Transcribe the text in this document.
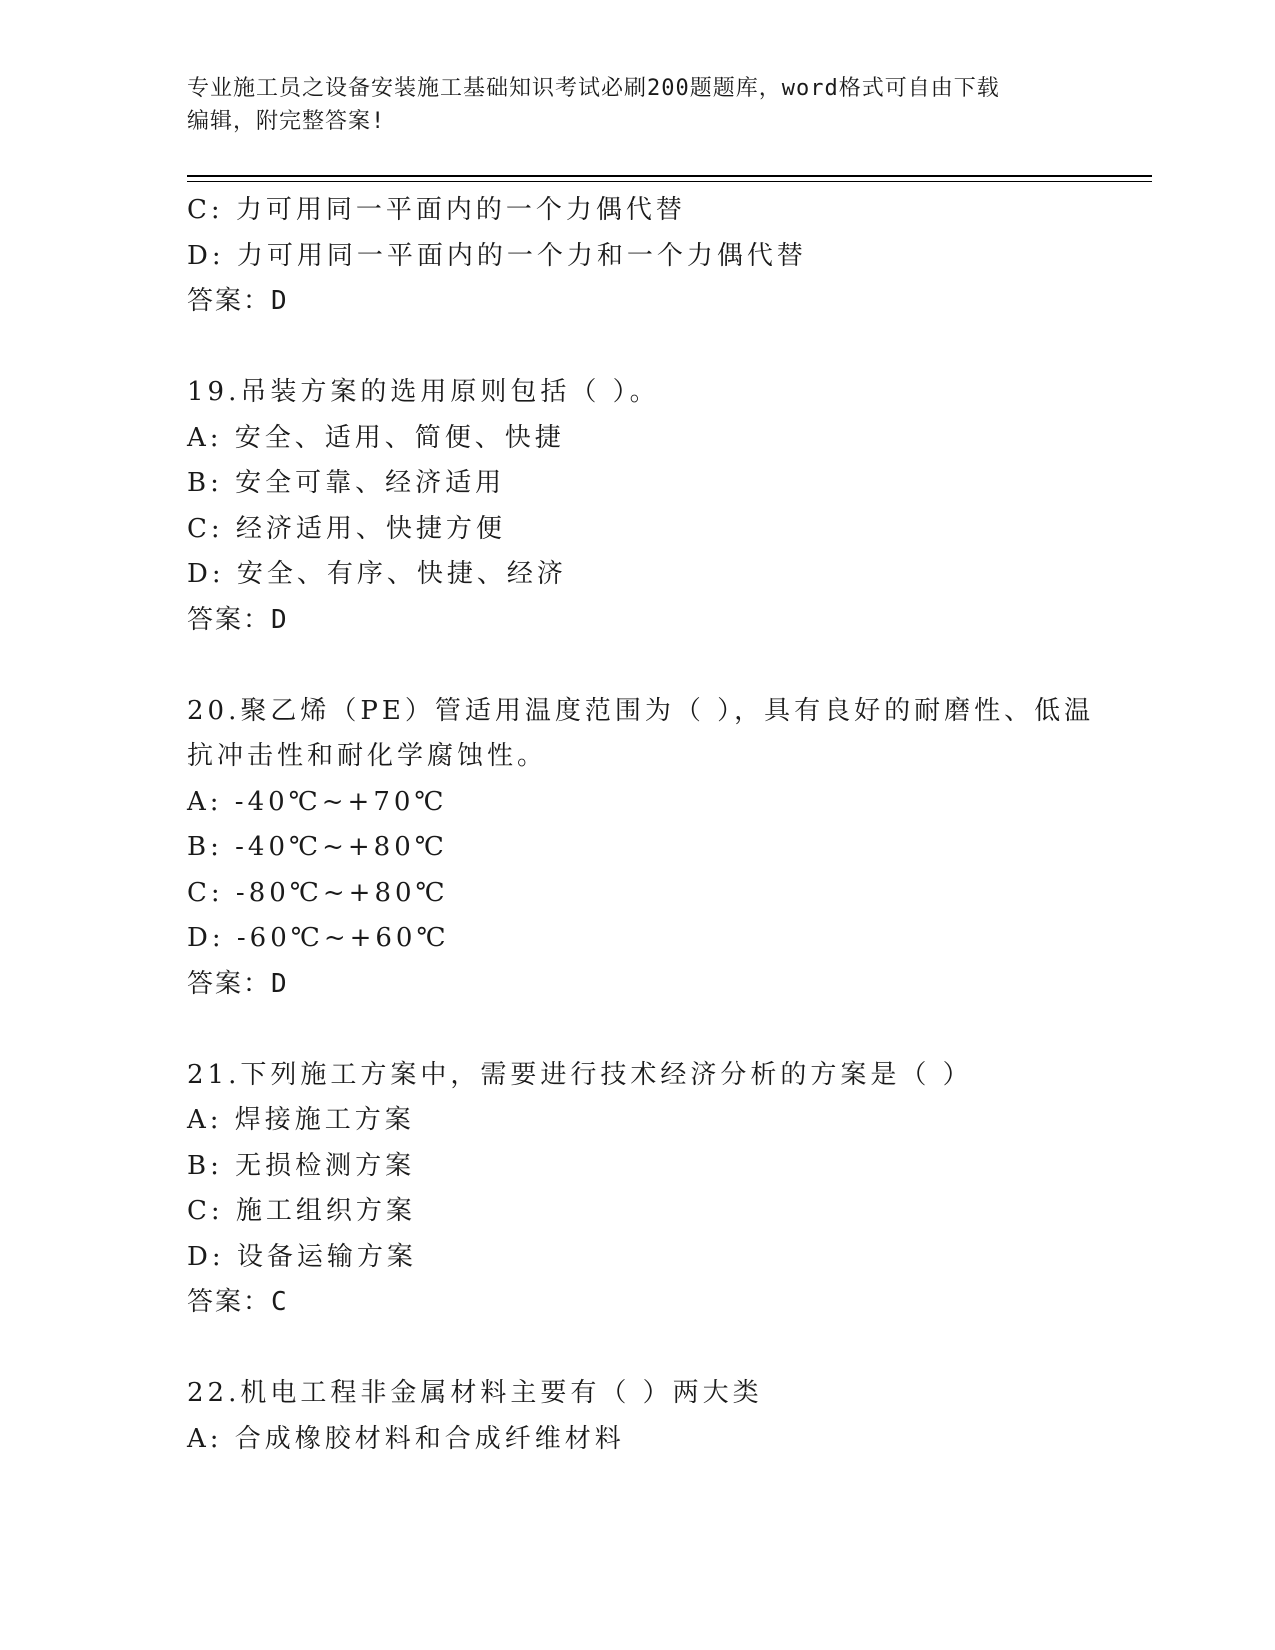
专业施工员之设备安装施工基础知识考试必刷200题题库，word格式可自由下载
编辑，附完整答案!
C: 力可用同一平面内的一个力偶代替
D: 力可用同一平面内的一个力和一个力偶代替
答案：D
19.吊装方案的选用原则包括（ ）。
A: 安全、适用、简便、快捷
B: 安全可靠、经济适用
C: 经济适用、快捷方便
D: 安全、有序、快捷、经济
答案：D
20.聚乙烯（PE）管适用温度范围为（ ），具有良好的耐磨性、低温
抗冲击性和耐化学腐蚀性。
A: -40℃~+70℃
B: -40℃~+80℃
C: -80℃~+80℃
D: -60℃~+60℃
答案：D
21.下列施工方案中，需要进行技术经济分析的方案是（ ）
A: 焊接施工方案
B: 无损检测方案
C: 施工组织方案
D: 设备运输方案
答案：C
22.机电工程非金属材料主要有（ ）两大类
A: 合成橡胶材料和合成纤维材料
